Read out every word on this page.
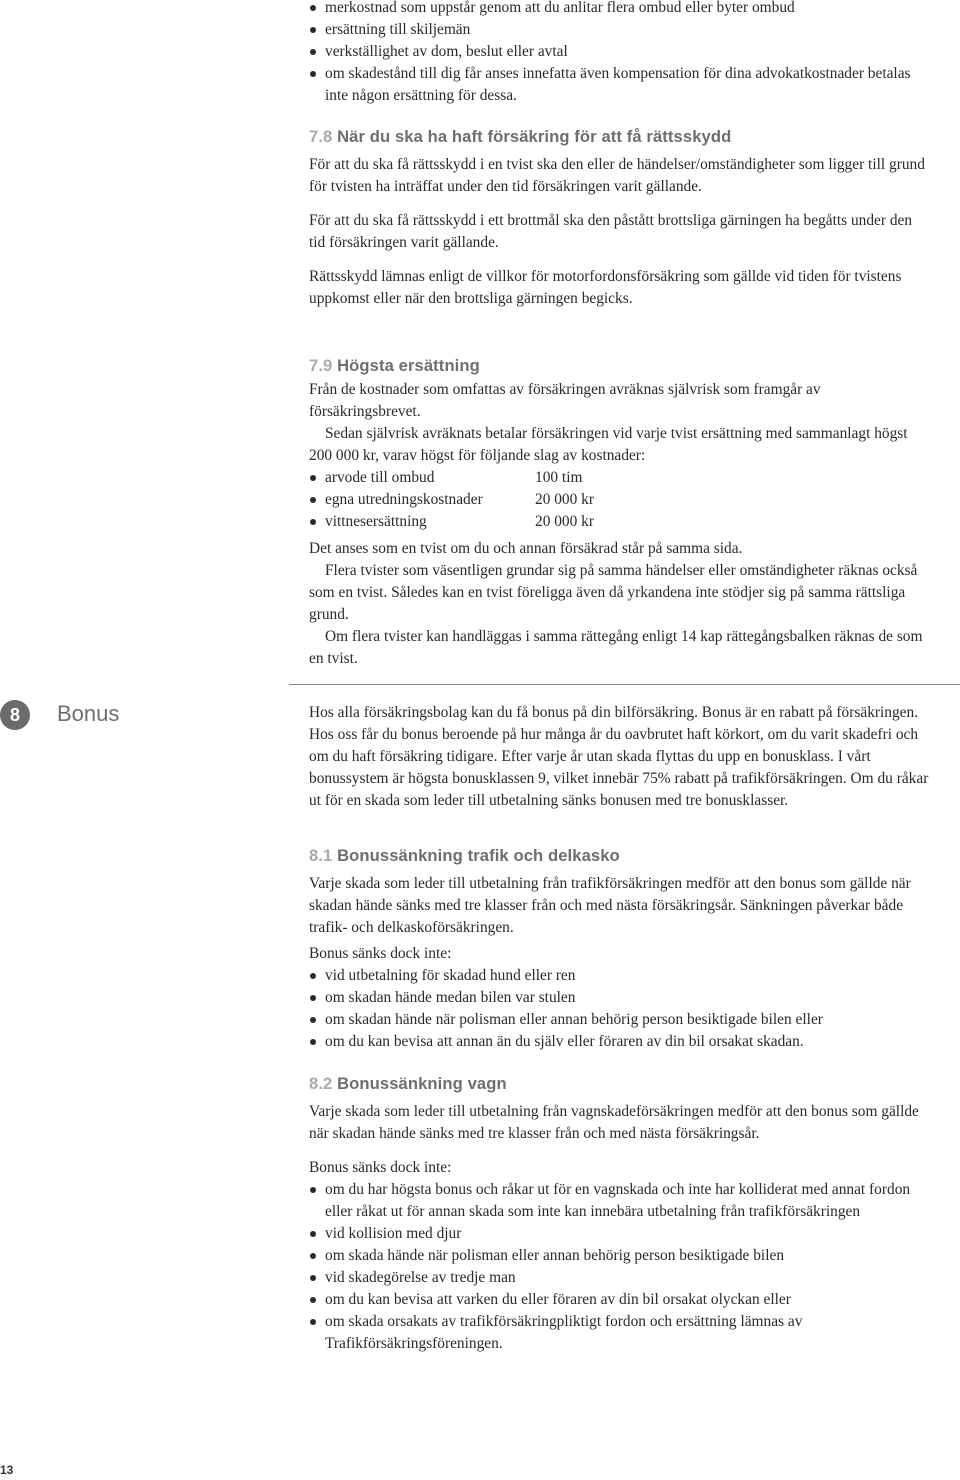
merkostnad som uppstår genom att du anlitar flera ombud eller byter ombud
ersättning till skiljemän
verkställighet av dom, beslut eller avtal
om skadestånd till dig får anses innefatta även kompensation för dina advokatkostnader betalas inte någon ersättning för dessa.
7.8 När du ska ha haft försäkring för att få rättsskydd

För att du ska få rättsskydd i en tvist ska den eller de händelser/omständigheter som ligger till grund för tvisten ha inträffat under den tid försäkringen varit gällande.

För att du ska få rättsskydd i ett brottmål ska den påstått brottsliga gärningen ha begåtts under den tid försäkringen varit gällande.

Rättsskydd lämnas enligt de villkor för motorfordonsförsäkring som gällde vid tiden för tvistens uppkomst eller när den brottsliga gärningen begicks.

7.9 Högsta ersättning

Från de kostnader som omfattas av försäkringen avräknas självrisk som framgår av försäkringsbrevet.

Sedan självrisk avräknats betalar försäkringen vid varje tvist ersättning med sammanlagt högst 200 000 kr, varav högst för följande slag av kostnader:

arvode till ombud	100 tim
egna utredningskostnader	20 000 kr
vittnesersättning	20 000 kr

Det anses som en tvist om du och annan försäkrad står på samma sida.

Flera tvister som väsentligen grundar sig på samma händelser eller omständigheter räknas också som en tvist. Således kan en tvist föreligga även då yrkandena inte stödjer sig på samma rättsliga grund.

Om flera tvister kan handläggas i samma rättegång enligt 14 kap rättegångsbalken räknas de som en tvist.

8	Bonus	Hos alla försäkringsbolag kan du få bonus på din bilförsäkring. Bonus är en rabatt på försäkringen. Hos oss får du bonus beroende på hur många år du oavbrutet haft körkort, om du varit skadefri och om du haft försäkring tidigare. Efter varje år utan skada flyttas du upp en bonusklass. I vårt bonussystem är högsta bonusklassen 9, vilket innebär 75% rabatt på trafikförsäkringen. Om du råkar ut för en skada som leder till utbetalning sänks bonusen med tre bonusklasser.

8.1 Bonussänkning trafik och delkasko

Varje skada som leder till utbetalning från trafikförsäkringen medför att den bonus som gällde när skadan hände sänks med tre klasser från och med nästa försäkringsår. Sänkningen påverkar både trafik- och delkaskoförsäkringen.

Bonus sänks dock inte:

vid utbetalning för skadad hund eller ren
om skadan hände medan bilen var stulen
om skadan hände när polisman eller annan behörig person besiktigade bilen eller
om du kan bevisa att annan än du själv eller föraren av din bil orsakat skadan.
8.2 Bonussänkning vagn

Varje skada som leder till utbetalning från vagnskadeförsäkringen medför att den bonus som gällde när skadan hände sänks med tre klasser från och med nästa försäkringsår.

Bonus sänks dock inte:

om du har högsta bonus och råkar ut för en vagnskada och inte har kolliderat med annat fordon eller råkat ut för annan skada som inte kan innebära utbetalning från trafikförsäkringen
vid kollision med djur
om skada hände när polisman eller annan behörig person besiktigade bilen
vid skadegörelse av tredje man
om du kan bevisa att varken du eller föraren av din bil orsakat olyckan eller
om skada orsakats av trafikförsäkringpliktigt fordon och ersättning lämnas av Trafikförsäkringsföreningen.
13
